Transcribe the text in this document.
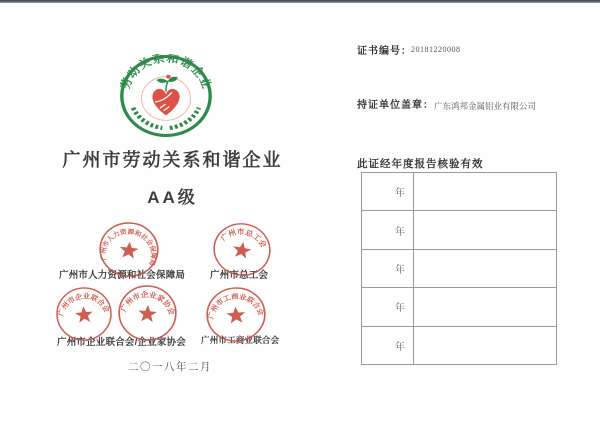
劳动关系和谐企业
广州市劳动关系和谐企业
AA级
广州市人力资源和社会保障局	广州市总工会
广州市企业联合会/企业家协会 广州市工商业联合会
广州市人力资源和社会保障局
广州市总工会
广州市企业联合会 广州市企业家协会	广州市工商业联合会
二〇一八年二月
证书编号： 20181220008
持证单位盖章： 广东鸿邦金属铝业有限公司
此证经年度报告核验有效
年
年
年
年
年
